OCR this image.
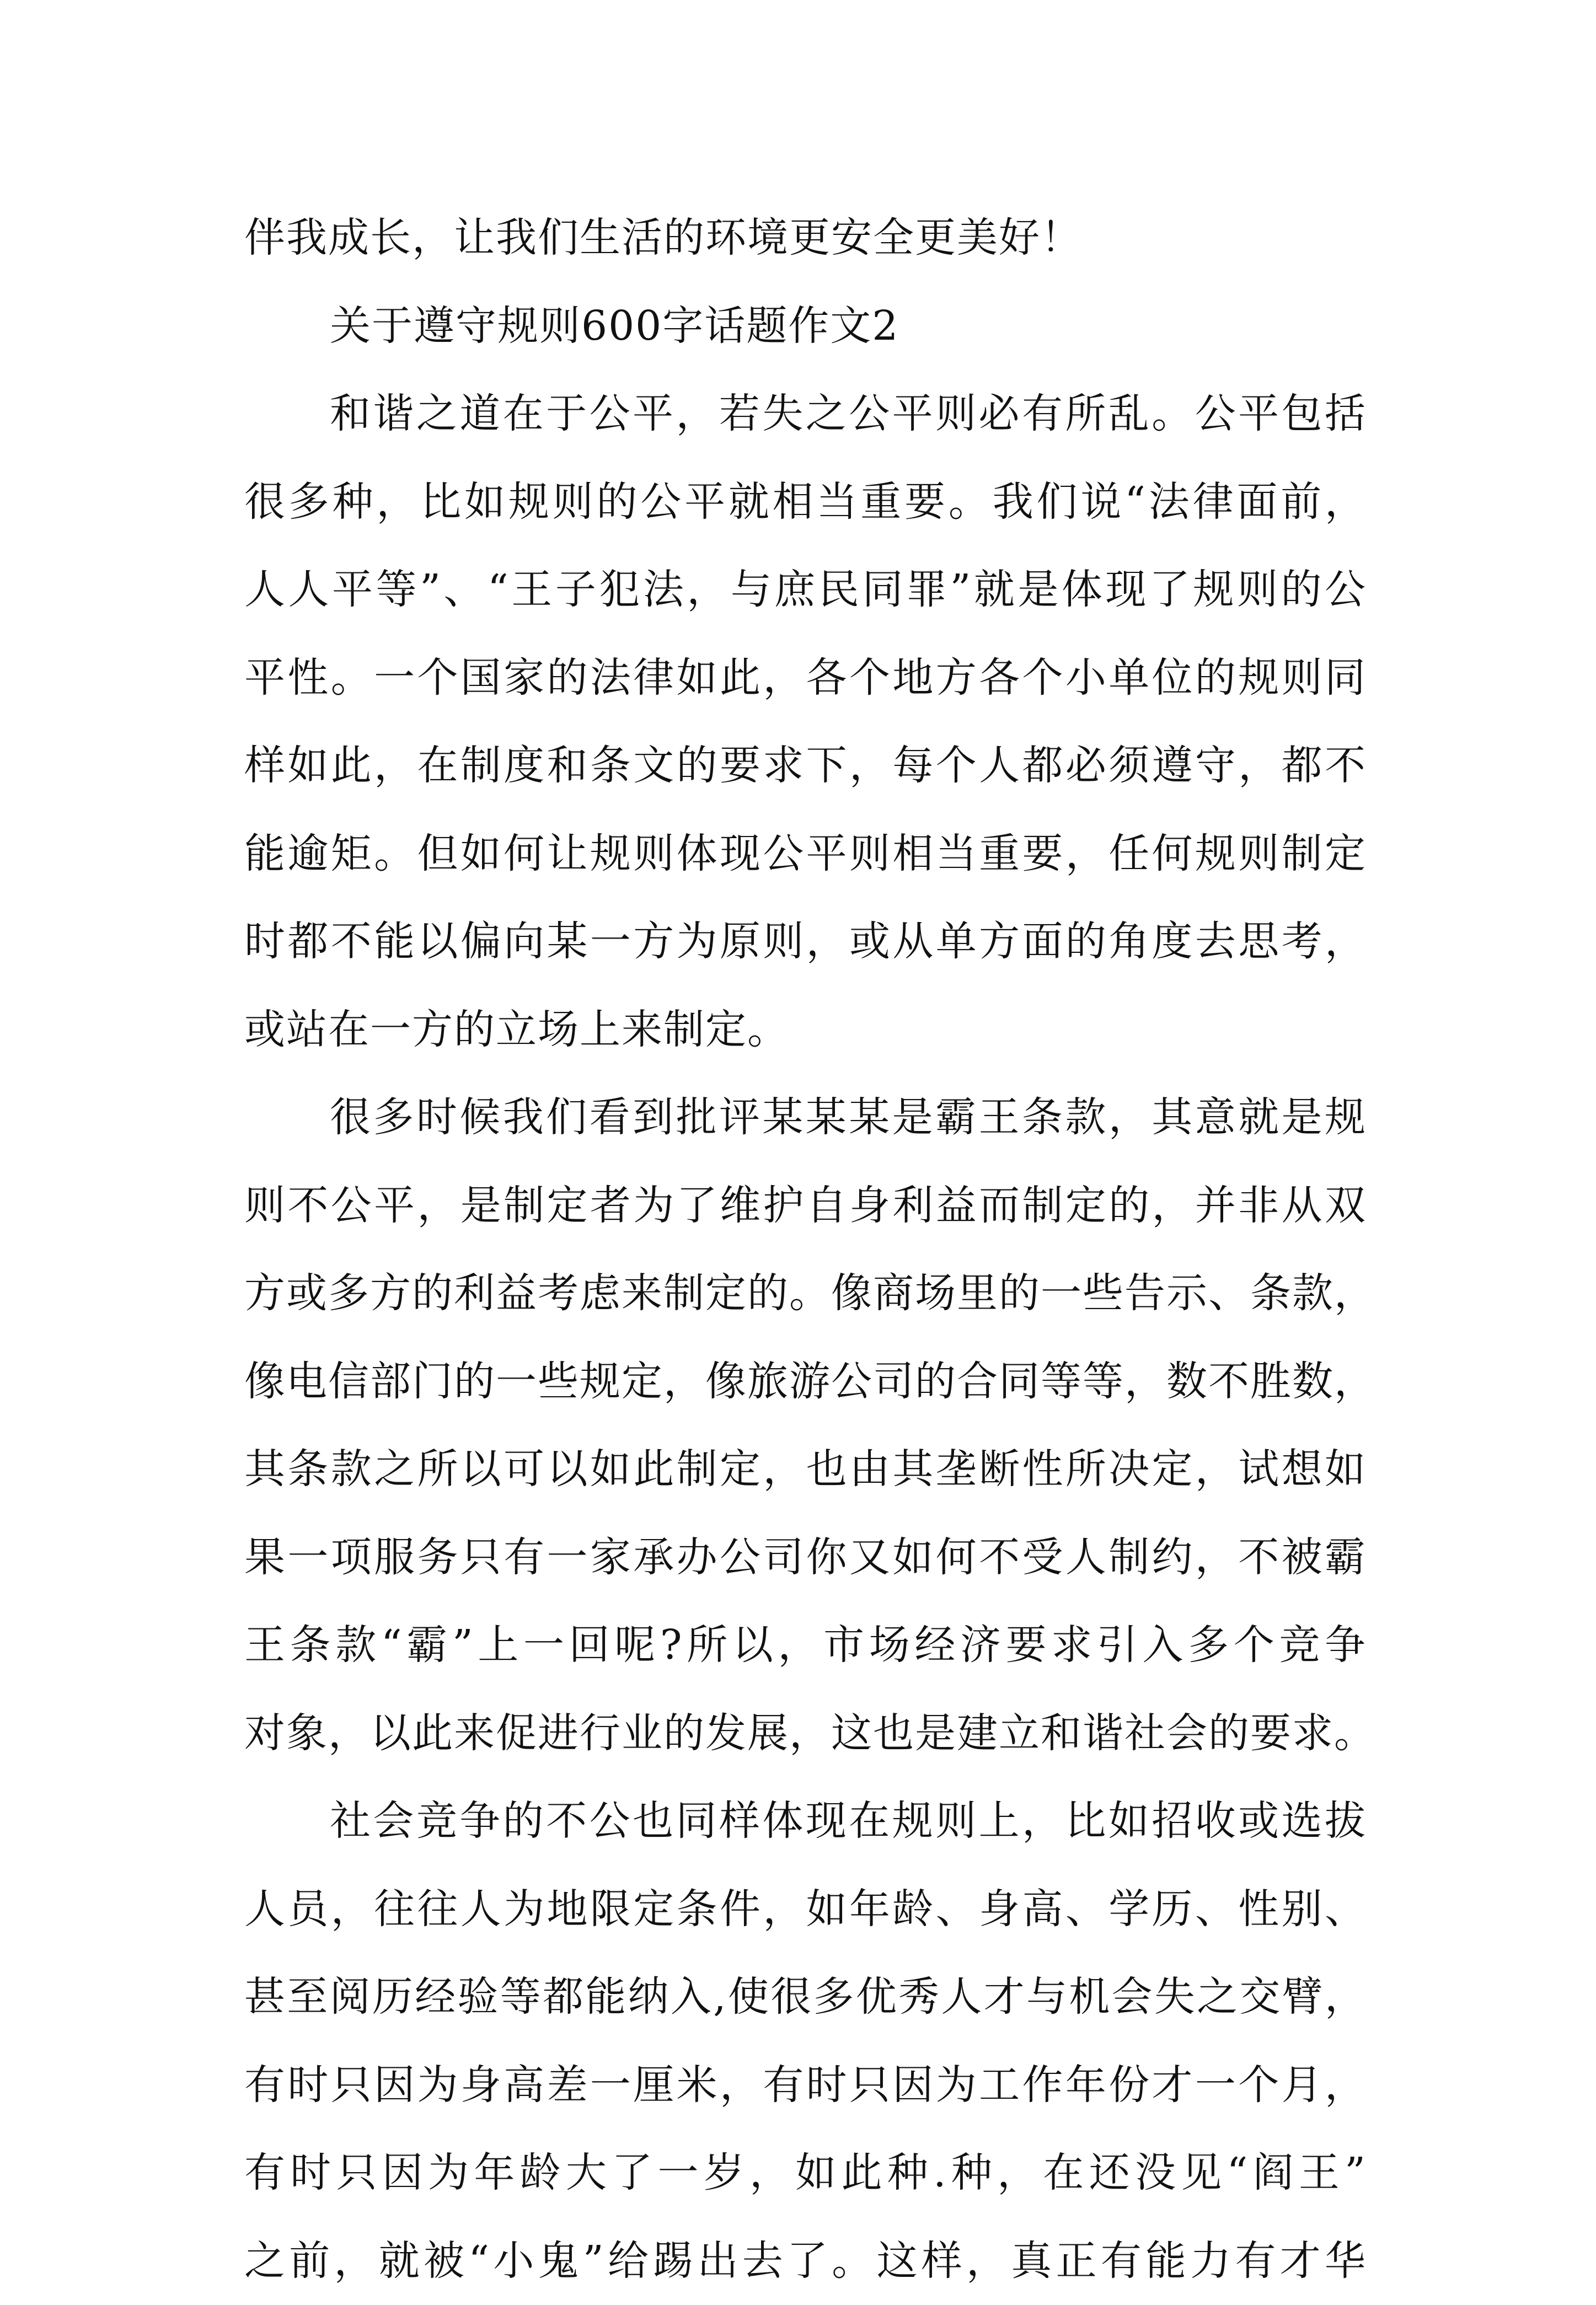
伴我成长，让我们生活的环境更安全更美好！
关于遵守规则600字话题作文2
和谐之道在于公平，若失之公平则必有所乱。公平包括
很多种，比如规则的公平就相当重要。我们说“法律面前，
人人平等”、“王子犯法，与庶民同罪”就是体现了规则的公
平性。一个国家的法律如此，各个地方各个小单位的规则同
样如此，在制度和条文的要求下，每个人都必须遵守，都不
能逾矩。但如何让规则体现公平则相当重要，任何规则制定
时都不能以偏向某一方为原则，或从单方面的角度去思考，
或站在一方的立场上来制定。
很多时候我们看到批评某某某是霸王条款，其意就是规
则不公平，是制定者为了维护自身利益而制定的，并非从双
方或多方的利益考虑来制定的。像商场里的一些告示、条款，
像电信部门的一些规定，像旅游公司的合同等等，数不胜数，
其条款之所以可以如此制定，也由其垄断性所决定，试想如
果一项服务只有一家承办公司你又如何不受人制约，不被霸
王条款“霸”上一回呢?所以，市场经济要求引入多个竞争
对象，以此来促进行业的发展，这也是建立和谐社会的要求。
社会竞争的不公也同样体现在规则上，比如招收或选拔
人员，往往人为地限定条件，如年龄、身高、学历、性别、
甚至阅历经验等都能纳入,使很多优秀人才与机会失之交臂，
有时只因为身高差一厘米，有时只因为工作年份才一个月，
有时只因为年龄大了一岁，如此种.种，在还没见“阎王”
之前，就被“小鬼”给踢出去了。这样，真正有能力有才华
